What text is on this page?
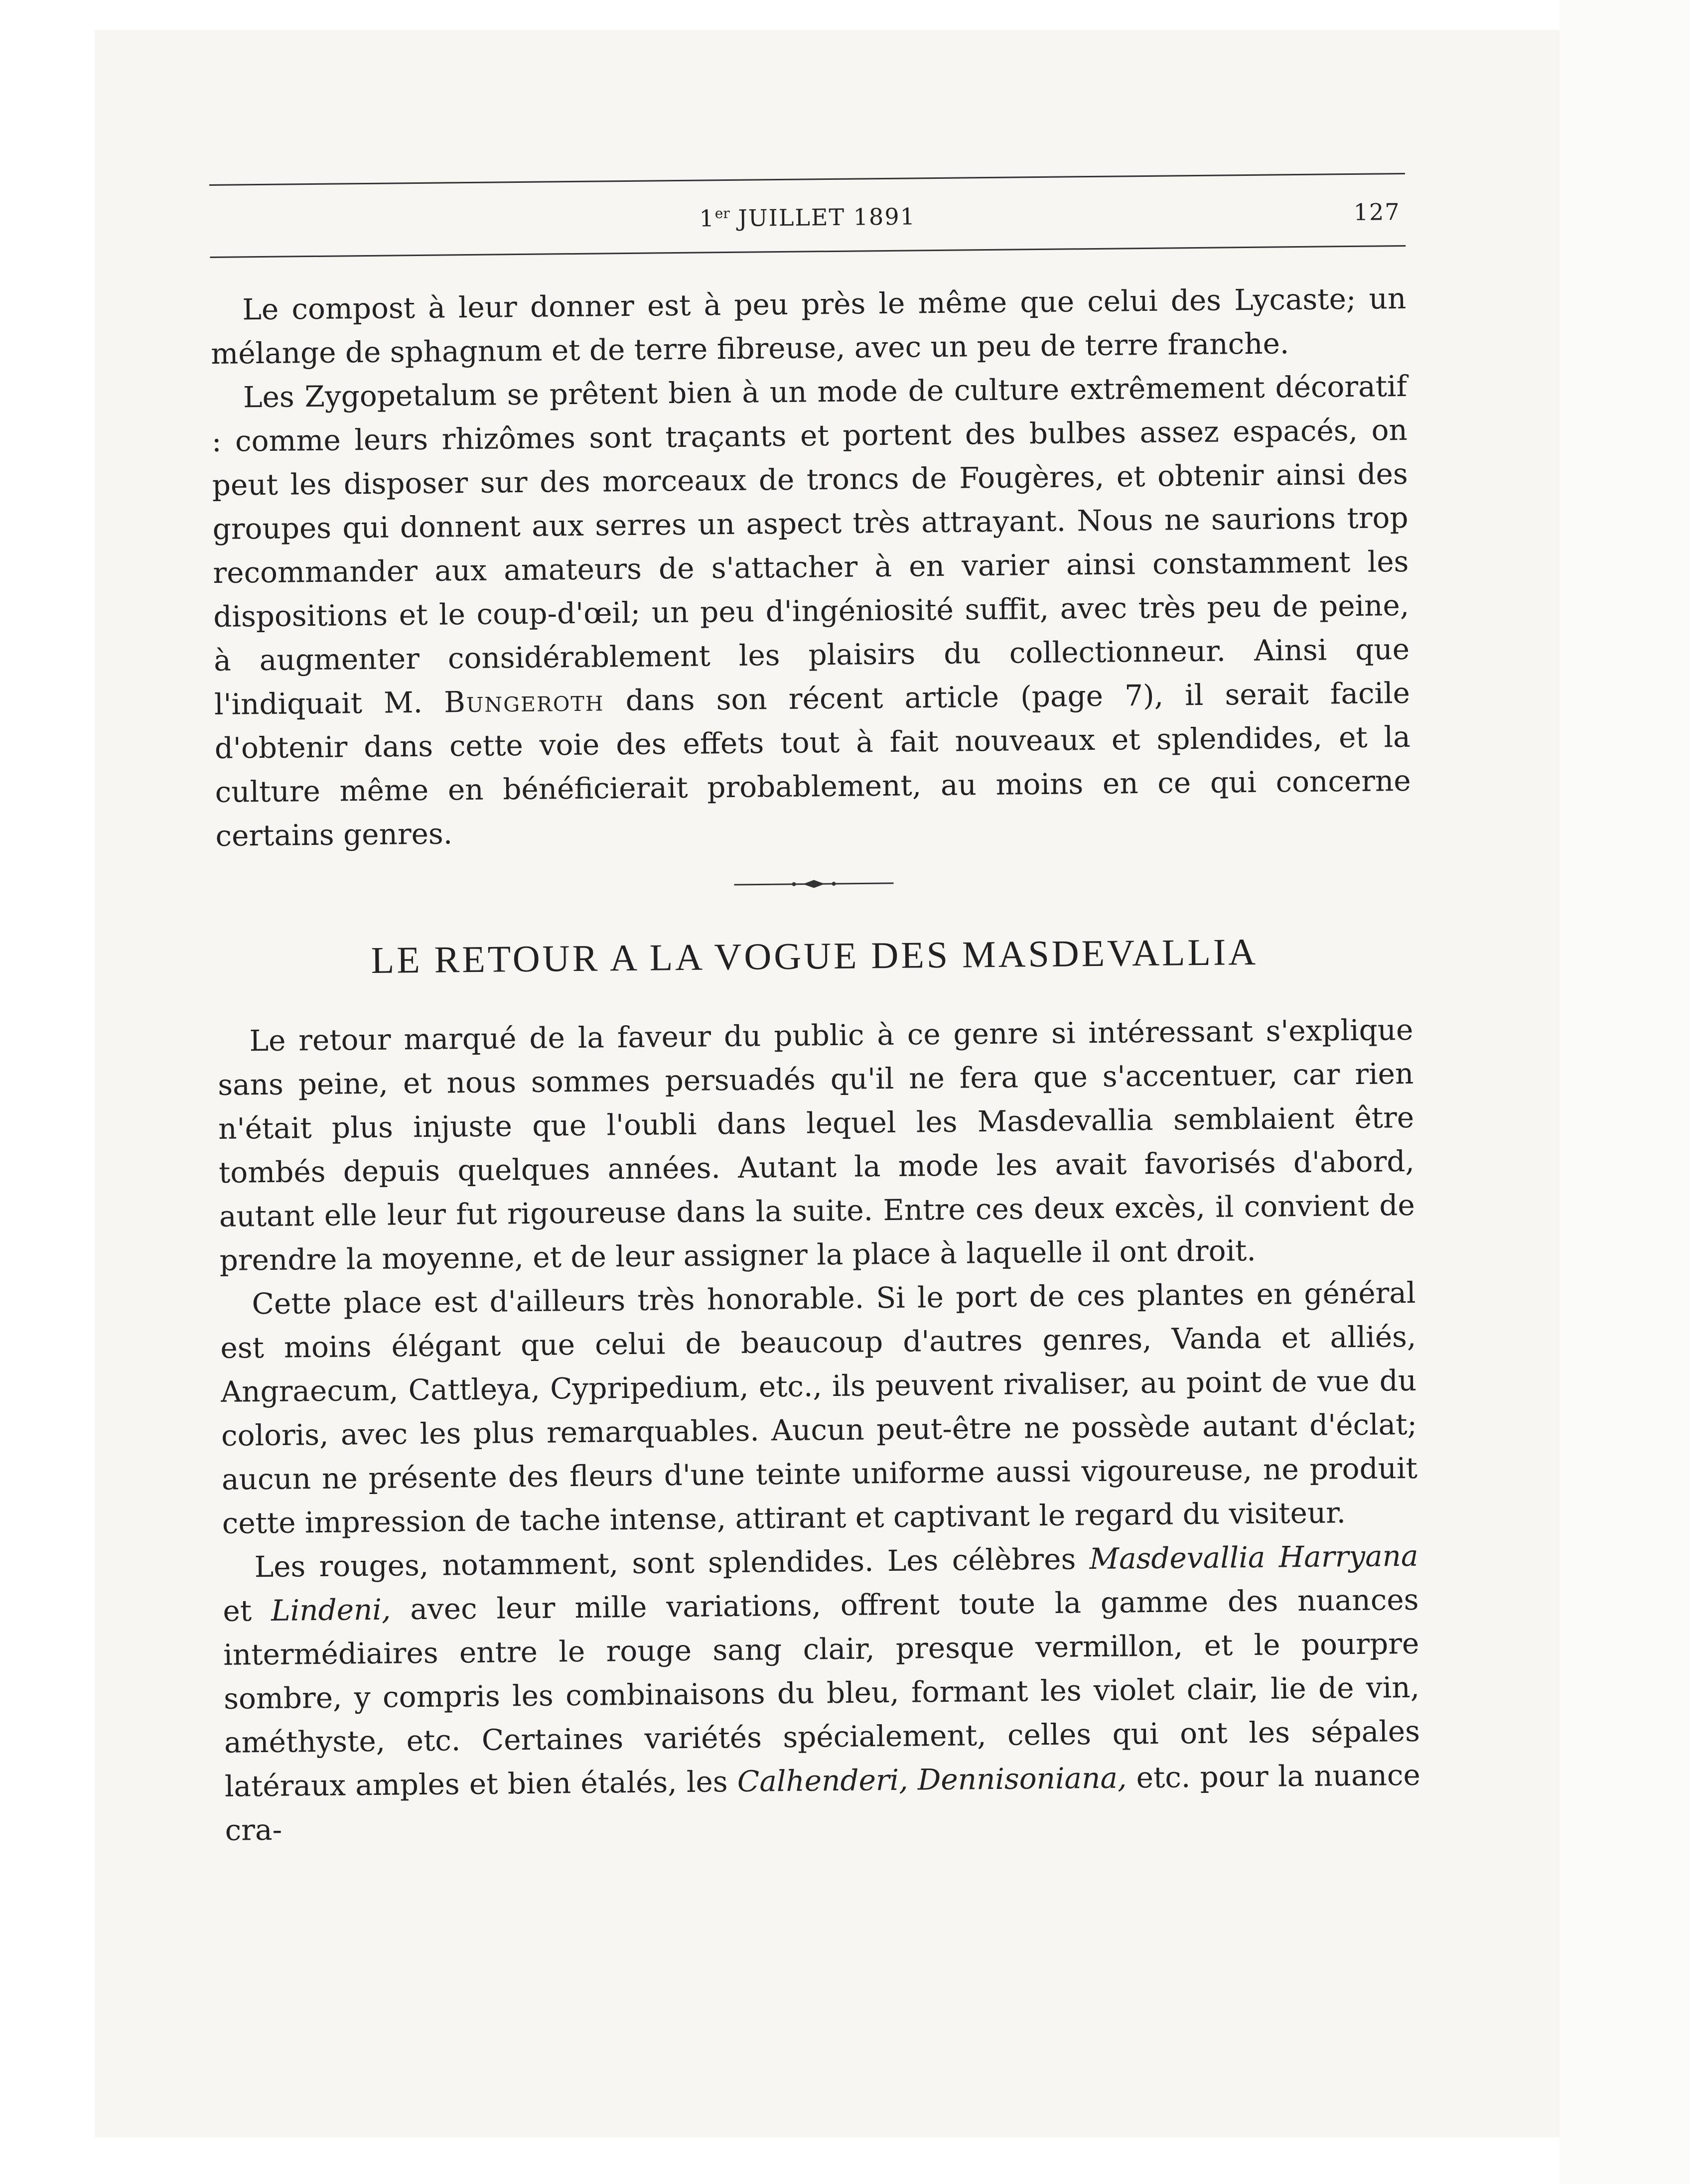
1er JUILLET 1891	127

Le compost à leur donner est à peu près le même que celui des Lycaste; un mélange de sphagnum et de terre fibreuse, avec un peu de terre franche.

Les Zygopetalum se prêtent bien à un mode de culture extrêmement décoratif : comme leurs rhizômes sont traçants et portent des bulbes assez espacés, on peut les disposer sur des morceaux de troncs de Fougères, et obtenir ainsi des groupes qui donnent aux serres un aspect très attrayant. Nous ne saurions trop recommander aux amateurs de s'attacher à en varier ainsi constamment les dispositions et le coup-d'œil; un peu d'ingéniosité suffit, avec très peu de peine, à augmenter considérablement les plaisirs du collectionneur. Ainsi que l'indiquait M. Bungeroth dans son récent article (page 7), il serait facile d'obtenir dans cette voie des effets tout à fait nouveaux et splendides, et la culture même en bénéficierait probablement, au moins en ce qui concerne certains genres.

LE RETOUR A LA VOGUE DES MASDEVALLIA

Le retour marqué de la faveur du public à ce genre si intéressant s'explique sans peine, et nous sommes persuadés qu'il ne fera que s'accentuer, car rien n'était plus injuste que l'oubli dans lequel les Masdevallia semblaient être tombés depuis quelques années. Autant la mode les avait favorisés d'abord, autant elle leur fut rigoureuse dans la suite. Entre ces deux excès, il convient de prendre la moyenne, et de leur assigner la place à laquelle il ont droit.

Cette place est d'ailleurs très honorable. Si le port de ces plantes en général est moins élégant que celui de beaucoup d'autres genres, Vanda et alliés, Angraecum, Cattleya, Cypripedium, etc., ils peuvent rivaliser, au point de vue du coloris, avec les plus remarquables. Aucun peut-être ne possède autant d'éclat; aucun ne présente des fleurs d'une teinte uniforme aussi vigoureuse, ne produit cette impression de tache intense, attirant et captivant le regard du visiteur.

Les rouges, notamment, sont splendides. Les célèbres Masdevallia Harryana et Lindeni, avec leur mille variations, offrent toute la gamme des nuances intermédiaires entre le rouge sang clair, presque vermillon, et le pourpre sombre, y compris les combinaisons du bleu, formant les violet clair, lie de vin, améthyste, etc. Certaines variétés spécialement, celles qui ont les sépales latéraux amples et bien étalés, les Calhenderi, Dennisoniana, etc. pour la nuance cra-
